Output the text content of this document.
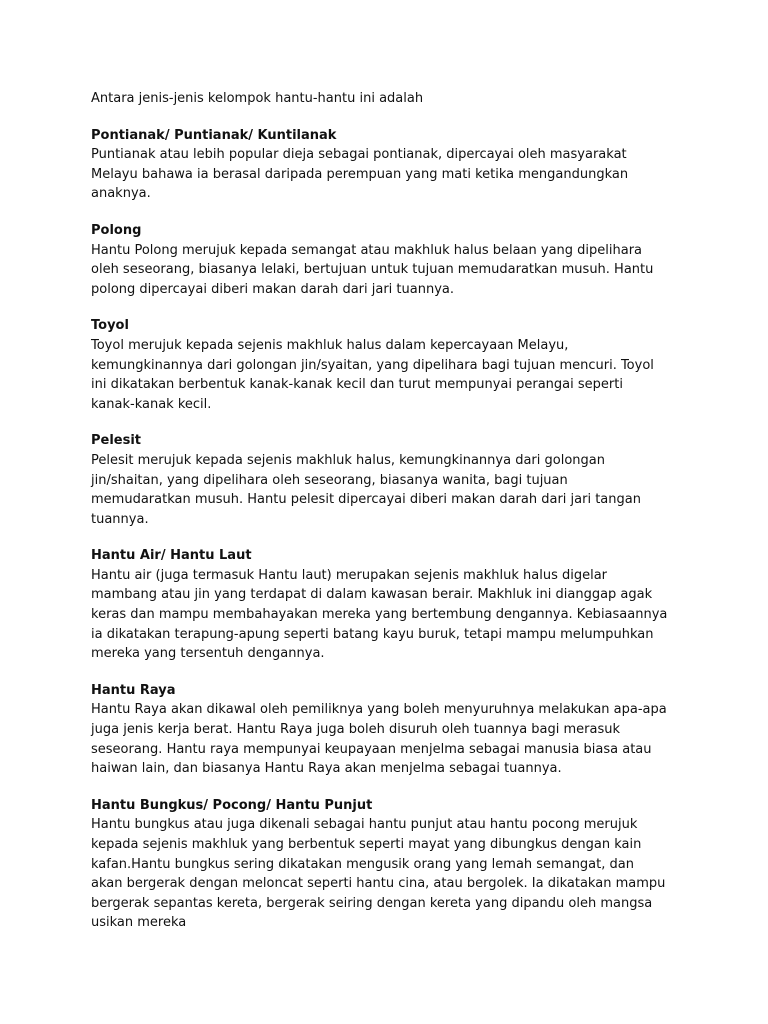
Antara jenis-jenis kelompok hantu-hantu ini adalah

Pontianak/ Puntianak/ Kuntilanak

Puntianak atau lebih popular dieja sebagai pontianak, dipercayai oleh masyarakat
Melayu bahawa ia berasal daripada perempuan yang mati ketika mengandungkan
anaknya.

Polong

Hantu Polong merujuk kepada semangat atau makhluk halus belaan yang dipelihara
oleh seseorang, biasanya lelaki, bertujuan untuk tujuan memudaratkan musuh. Hantu
polong dipercayai diberi makan darah dari jari tuannya.

Toyol

Toyol merujuk kepada sejenis makhluk halus dalam kepercayaan Melayu,
kemungkinannya dari golongan jin/syaitan, yang dipelihara bagi tujuan mencuri. Toyol
ini dikatakan berbentuk kanak-kanak kecil dan turut mempunyai perangai seperti
kanak-kanak kecil.

Pelesit

Pelesit merujuk kepada sejenis makhluk halus, kemungkinannya dari golongan
jin/shaitan, yang dipelihara oleh seseorang, biasanya wanita, bagi tujuan
memudaratkan musuh. Hantu pelesit dipercayai diberi makan darah dari jari tangan
tuannya.

Hantu Air/ Hantu Laut

Hantu air (juga termasuk Hantu laut) merupakan sejenis makhluk halus digelar
mambang atau jin yang terdapat di dalam kawasan berair. Makhluk ini dianggap agak
keras dan mampu membahayakan mereka yang bertembung dengannya. Kebiasaannya
ia dikatakan terapung-apung seperti batang kayu buruk, tetapi mampu melumpuhkan
mereka yang tersentuh dengannya.

Hantu Raya

Hantu Raya akan dikawal oleh pemiliknya yang boleh menyuruhnya melakukan apa-apa
juga jenis kerja berat. Hantu Raya juga boleh disuruh oleh tuannya bagi merasuk
seseorang. Hantu raya mempunyai keupayaan menjelma sebagai manusia biasa atau
haiwan lain, dan biasanya Hantu Raya akan menjelma sebagai tuannya.

Hantu Bungkus/ Pocong/ Hantu Punjut

Hantu bungkus atau juga dikenali sebagai hantu punjut atau hantu pocong merujuk
kepada sejenis makhluk yang berbentuk seperti mayat yang dibungkus dengan kain
kafan.Hantu bungkus sering dikatakan mengusik orang yang lemah semangat, dan
akan bergerak dengan meloncat seperti hantu cina, atau bergolek. Ia dikatakan mampu
bergerak sepantas kereta, bergerak seiring dengan kereta yang dipandu oleh mangsa
usikan mereka
